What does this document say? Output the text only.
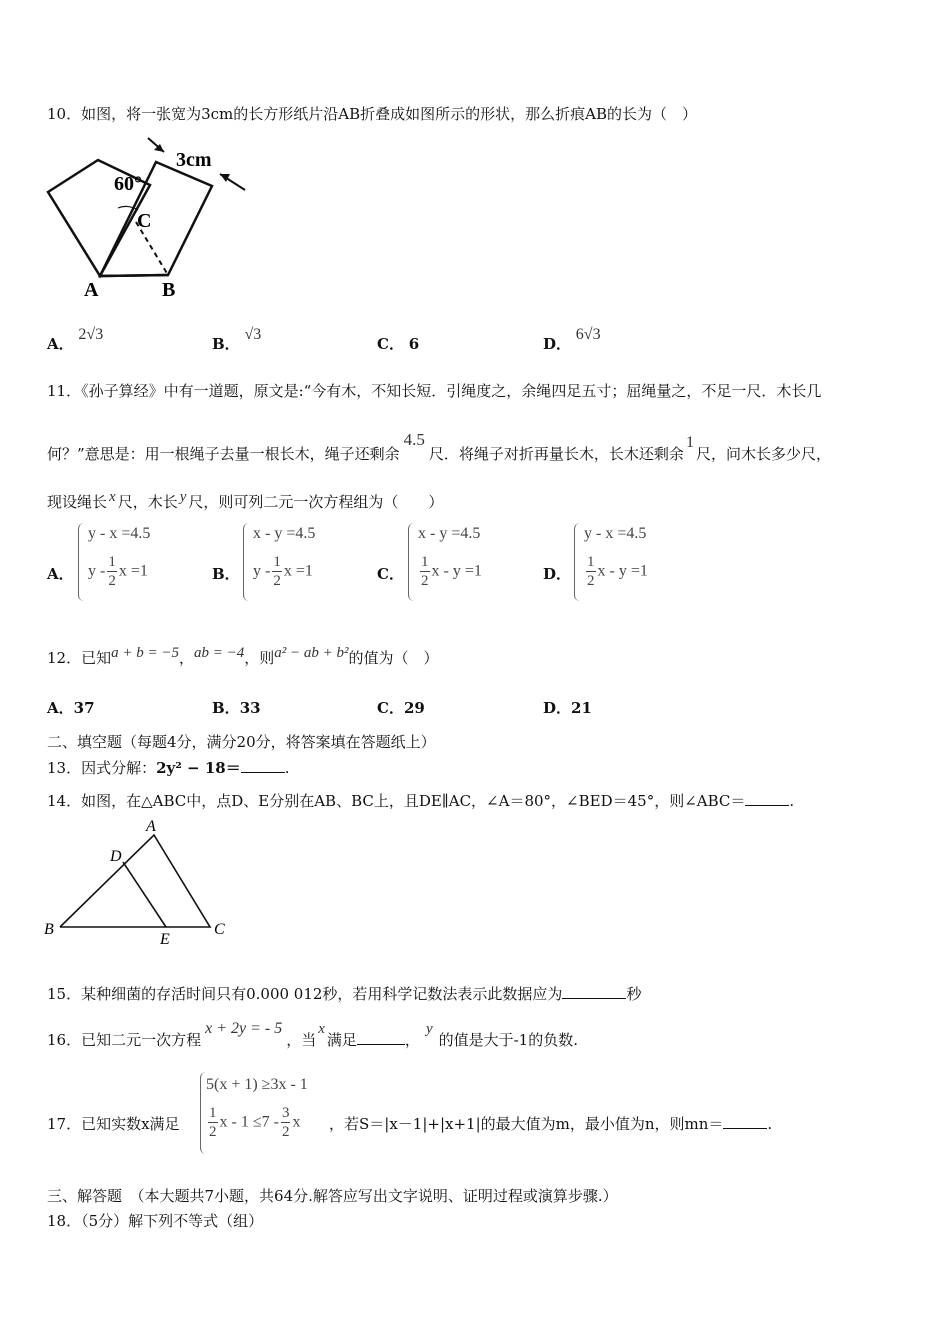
10．如图，将一张宽为3cm的长方形纸片沿AB折叠成如图所示的形状，那么折痕AB的长为（　）
3cm
60°
C
A	B
A． 2√3
B． √3
C． 6	D． 6√3
11．《孙子算经》中有一道题，原文是:“今有木，不知长短．引绳度之，余绳四足五寸；屈绳量之，不足一尺．木长几
何？”意思是：用一根绳子去量一根长木，绳子还剩余4.5尺．将绳子对折再量长木，长木还剩余1尺，问木长多少尺，
现设绳长 x 尺，木长 y 尺，则可列二元一次方程组为（　　）
A．
y - x =4.5
y - $\frac{1}{2}$ x =1	B．
x - y =4.5
y - $\frac{1}{2}$ x =1	C．
x - y =4.5
$\frac{1}{2}$ x - y =1	D．
y - x =4.5
$\frac{1}{2}$ x - y =1
12．已知a + b = −5，ab = −4，则a² − ab + b²的值为（　）
A．37	B．33	C．29	D．21
二、填空题（每题4分，满分20分，将答案填在答题纸上）
13．因式分解：2y² − 18＝	.
14．如图，在△ABC中，点D、E分别在AB、BC上，且DE∥AC，∠A＝80°，∠BED＝45°，则∠ABC＝	.
A
D
B
E
C
15．某种细菌的存活时间只有0.000 012秒，若用科学记数法表示此数据应为	秒
16．已知二元一次方程x + 2y = - 5，当x满足	，y的值是大于-1的负数.
17．已知实数x满足
5(x + 1) ≥3x - 1
$\frac{1}{2}$ $x - 1 \le 7 - \frac{3}{2}$ x ，若S＝|x－1|+|x+1|的最大值为m，最小值为n，则mn＝	.
三、解答题　（本大题共7小题，共64分.解答应写出文字说明、证明过程或演算步骤.）
18．（5分）解下列不等式（组）
